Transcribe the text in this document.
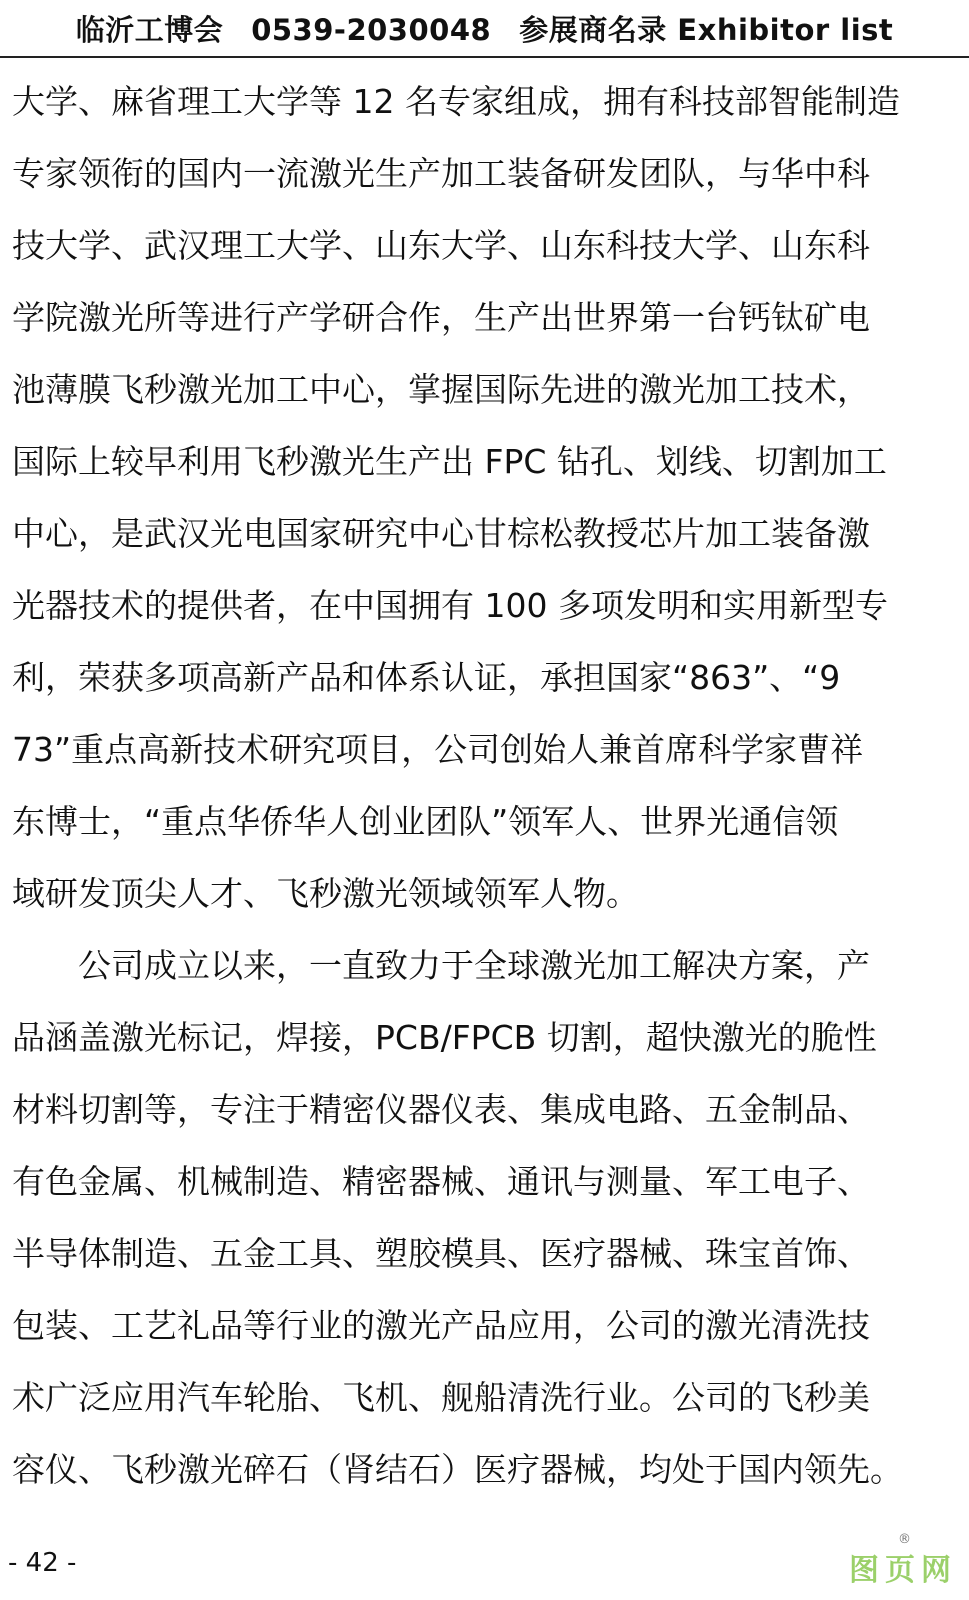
临沂工博会 0539-2030048 参展商名录 Exhibitor list
大学、麻省理工大学等 12 名专家组成，拥有科技部智能制造
专家领衔的国内一流激光生产加工装备研发团队，与华中科
技大学、武汉理工大学、山东大学、山东科技大学、山东科
学院激光所等进行产学研合作，生产出世界第一台钙钛矿电
池薄膜飞秒激光加工中心，掌握国际先进的激光加工技术，
国际上较早利用飞秒激光生产出 FPC 钻孔、划线、切割加工
中心，是武汉光电国家研究中心甘棕松教授芯片加工装备激
光器技术的提供者，在中国拥有 100 多项发明和实用新型专
利，荣获多项高新产品和体系认证，承担国家“863”、“9
73”重点高新技术研究项目，公司创始人兼首席科学家曹祥
东博士，“重点华侨华人创业团队”领军人、世界光通信领
域研发顶尖人才、飞秒激光领域领军人物。
公司成立以来，一直致力于全球激光加工解决方案，产
品涵盖激光标记，焊接，PCB/FPCB 切割，超快激光的脆性
材料切割等，专注于精密仪器仪表、集成电路、五金制品、
有色金属、机械制造、精密器械、通讯与测量、军工电子、
半导体制造、五金工具、塑胶模具、医疗器械、珠宝首饰、
包装、工艺礼品等行业的激光产品应用，公司的激光清洗技
术广泛应用汽车轮胎、飞机、舰船清洗行业。公司的飞秒美
容仪、飞秒激光碎石（肾结石）医疗器械，均处于国内领先。
- 42 -
®
图页网
